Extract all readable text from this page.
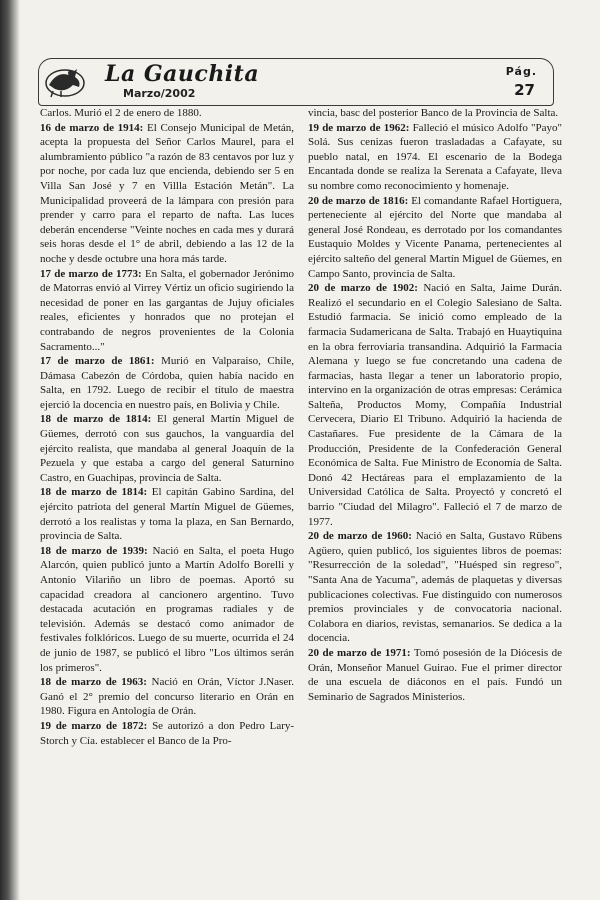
La Gauchita
Marzo/2002
Pág.
27

Carlos. Murió el 2 de enero de 1880.

16 de marzo de 1914: El Consejo Municipal de Metán, acepta la propuesta del Señor Carlos Maurel, para el alumbramiento público "a razón de 83 centavos por luz y por noche, por cada luz que encienda, debiendo ser 5 en Villa San José y 7 en Villla Estación Metán". La Municipalidad proveerá de la lámpara con presión para prender y carro para el reparto de nafta. Las luces deberán encenderse "Veinte noches en cada mes y durará seis horas desde el 1° de abril, debiendo a las 12 de la noche y desde octubre una hora más tarde.

17 de marzo de 1773: En Salta, el gobernador Jerónimo de Matorras envió al Virrey Vértiz un oficio sugiriendo la necesidad de poner en las gargantas de Jujuy oficiales reales, eficientes y honrados que no protejan el contrabando de negros provenientes de la Colonia Sacramento..."

17 de marzo de 1861: Murió en Valparaiso, Chile, Dámasa Cabezón de Córdoba, quien había nacido en Salta, en 1792. Luego de recibir el título de maestra ejerció la docencia en nuestro país, en Bolivia y Chile.

18 de marzo de 1814: El general Martín Miguel de Güemes, derrotó con sus gauchos, la vanguardia del ejército realista, que mandaba al general Joaquín de la Pezuela y que estaba a cargo del general Saturnino Castro, en Guachipas, provincia de Salta.

18 de marzo de 1814: El capitán Gabino Sardina, del ejército patriota del general Martín Miguel de Güemes, derrotó a los realistas y toma la plaza, en San Bernardo, provincia de Salta.

18 de marzo de 1939: Nació en Salta, el poeta Hugo Alarcón, quien publicó junto a Martín Adolfo Borelli y Antonio Vilariño un libro de poemas. Aportó su capacidad creadora al cancionero argentino. Tuvo destacada acutación en programas radiales y de televisión. Además se destacó como animador de festivales folklóricos. Luego de su muerte, ocurrida el 24 de junio de 1987, se publicó el libro "Los últimos serán los primeros".

18 de marzo de 1963: Nació en Orán, Víctor J.Naser. Ganó el 2° premio del concurso literario en Orán en 1980. Figura en Antología de Orán.

19 de marzo de 1872: Se autorizó a don Pedro Lary-Storch y Cía. establecer el Banco de la Pro-

vincia, basc del posterior Banco de la Provincia de Salta.

19 de marzo de 1962: Falleció el músico Adolfo "Payo" Solá. Sus cenizas fueron trasladadas a Cafayate, su pueblo natal, en 1974. El escenario de la Bodega Encantada donde se realiza la Serenata a Cafayate, lleva su nombre como reconocimiento y homenaje.

20 de marzo de 1816: El comandante Rafael Hortiguera, perteneciente al ejército del Norte que mandaba al general José Rondeau, es derrotado por los comandantes Eustaquio Moldes y Vicente Panama, pertenecientes al ejército salteño del general Martín Miguel de Güemes, en Campo Santo, provincia de Salta.

20 de marzo de 1902: Nació en Salta, Jaime Durán. Realizó el secundario en el Colegio Salesiano de Salta. Estudió farmacia. Se inició como empleado de la farmacia Sudamericana de Salta. Trabajó en Huaytiquina en la obra ferroviaria transandina. Adquirió la Farmacia Alemana y luego se fue concretando una cadena de farmacias, hasta llegar a tener un laboratorio propio, intervino en la organización de otras empresas: Cerámica Salteña, Productos Momy, Compañía Industrial Cervecera, Diario El Tribuno. Adquirió la hacienda de Castañares. Fue presidente de la Cámara de la Producción, Presidente de la Confederación General Económica de Salta. Fue Ministro de Economía de Salta. Donó 42 Hectáreas para el emplazamiento de la Universidad Católica de Salta. Proyectó y concretó el barrio "Ciudad del Milagro". Falleció el 7 de marzo de 1977.

20 de marzo de 1960: Nació en Salta, Gustavo Rübens Agüero, quien publicó, los siguientes libros de poemas: "Resurrección de la soledad", "Huésped sin regreso", "Santa Ana de Yacuma", además de plaquetas y diversas publicaciones colectivas. Fue distinguido con numerosos premios provinciales y de convocatoria nacional. Colabora en diarios, revistas, semanarios. Se dedica a la docencia.

20 de marzo de 1971: Tomó posesión de la Diócesis de Orán, Monseñor Manuel Guirao. Fue el primer director de una escuela de diáconos en el país. Fundó un Seminario de Sagrados Ministerios.
